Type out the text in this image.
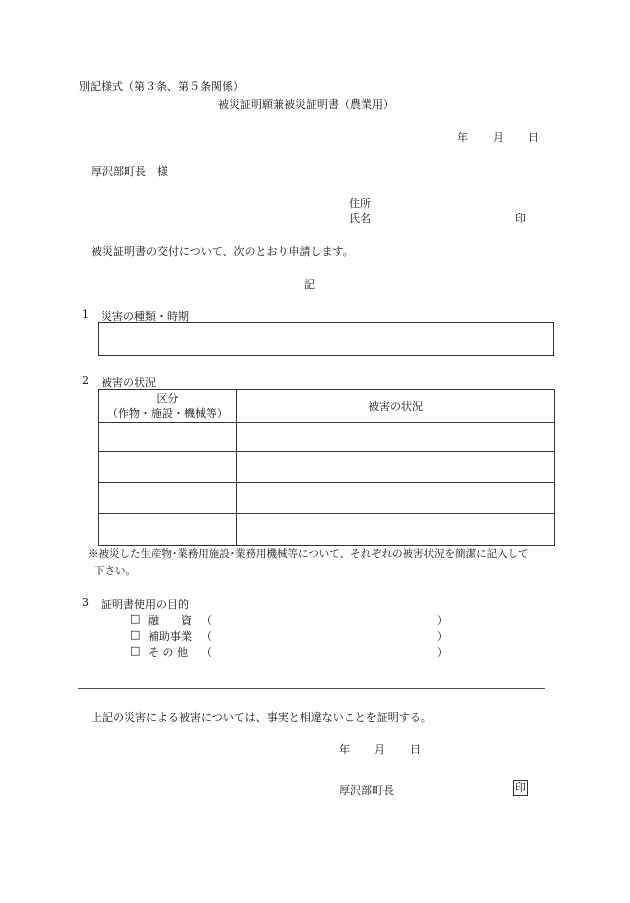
別記様式（第３条、第５条関係）
被災証明願兼被災証明書（農業用）
年 月 日
厚沢部町長　様
住所
氏名	印
被災証明書の交付について、次のとおり申請します。
記
1 災害の種類・時期
2 被害の状況
区分
（作物・施設・機械等）	被害の状況

※被災した生産物･業務用施設･業務用機械等について、それぞれの被害状況を簡潔に記入して
下さい。
3 証明書使用の目的
□ 融　　資 （	）
□ 補助事業 （	）
□ そ の 他 （	）
上記の災害による被害については、事実と相違ないことを証明する。
年 月 日
厚沢部町長	印
